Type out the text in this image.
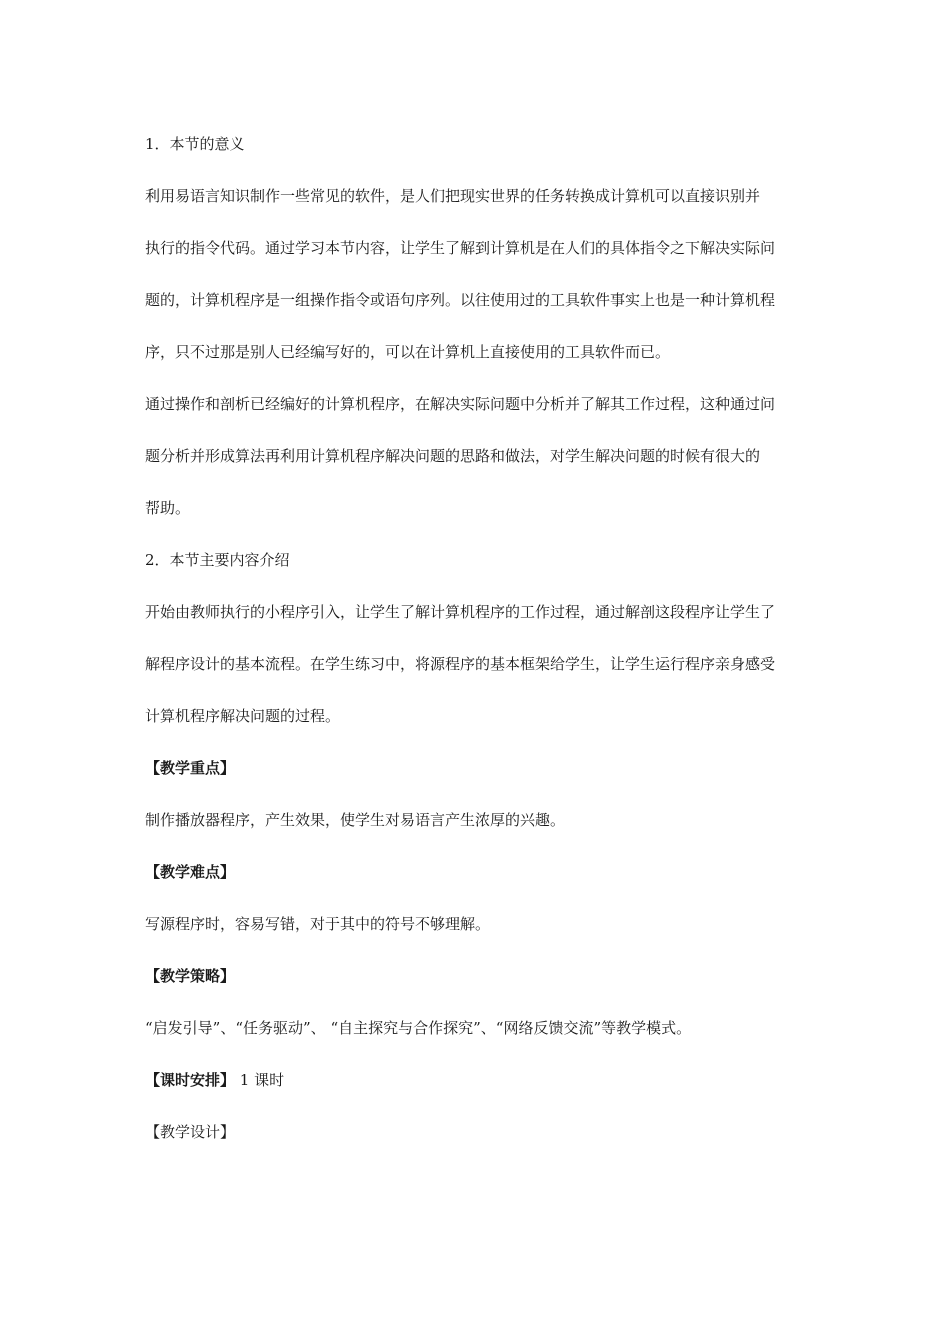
1．本节的意义

利用易语言知识制作一些常见的软件，是人们把现实世界的任务转换成计算机可以直接识别并

执行的指令代码。通过学习本节内容，让学生了解到计算机是在人们的具体指令之下解决实际问

题的，计算机程序是一组操作指令或语句序列。以往使用过的工具软件事实上也是一种计算机程

序，只不过那是别人已经编写好的，可以在计算机上直接使用的工具软件而已。

通过操作和剖析已经编好的计算机程序，在解决实际问题中分析并了解其工作过程，这种通过问

题分析并形成算法再利用计算机程序解决问题的思路和做法，对学生解决问题的时候有很大的

帮助。

2．本节主要内容介绍

开始由教师执行的小程序引入，让学生了解计算机程序的工作过程，通过解剖这段程序让学生了

解程序设计的基本流程。在学生练习中，将源程序的基本框架给学生，让学生运行程序亲身感受

计算机程序解决问题的过程。

【教学重点】

制作播放器程序，产生效果，使学生对易语言产生浓厚的兴趣。

【教学难点】

写源程序时，容易写错，对于其中的符号不够理解。

【教学策略】

“启发引导”、“任务驱动”、 “自主探究与合作探究”、“网络反馈交流”等教学模式。

【课时安排】 1 课时

【教学设计】
